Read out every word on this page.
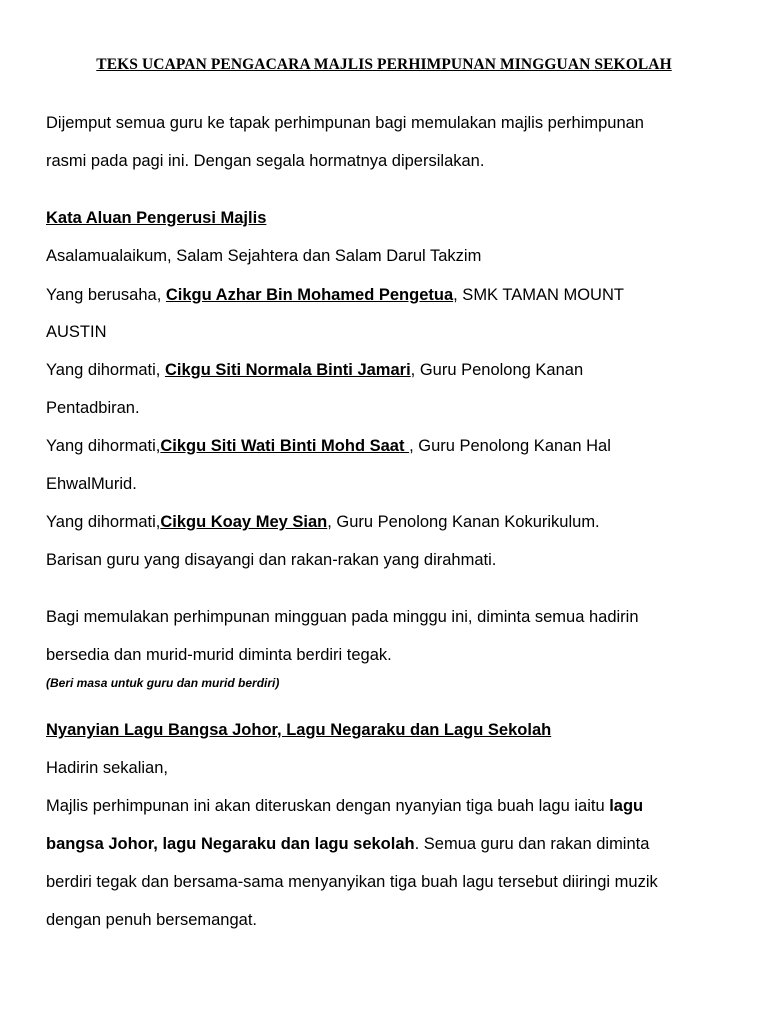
TEKS UCAPAN PENGACARA MAJLIS PERHIMPUNAN MINGGUAN SEKOLAH
Dijemput semua guru ke tapak perhimpunan bagi memulakan majlis perhimpunan
rasmi pada pagi ini. Dengan segala hormatnya dipersilakan.
Kata Aluan Pengerusi Majlis
Asalamualaikum, Salam Sejahtera dan Salam Darul Takzim
Yang berusaha, Cikgu Azhar Bin Mohamed Pengetua, SMK TAMAN MOUNT
AUSTIN
Yang dihormati, Cikgu Siti Normala Binti Jamari, Guru Penolong Kanan
Pentadbiran.
Yang dihormati,Cikgu Siti Wati Binti Mohd Saat , Guru Penolong Kanan Hal
EhwalMurid.
Yang dihormati,Cikgu Koay Mey Sian, Guru Penolong Kanan Kokurikulum.
Barisan guru yang disayangi dan rakan-rakan yang dirahmati.
Bagi memulakan perhimpunan mingguan pada minggu ini, diminta semua hadirin
bersedia dan murid-murid diminta berdiri tegak.
(Beri masa untuk guru dan murid berdiri)
Nyanyian Lagu Bangsa Johor, Lagu Negaraku dan Lagu Sekolah
Hadirin sekalian,
Majlis perhimpunan ini akan diteruskan dengan nyanyian tiga buah lagu iaitu lagu
bangsa Johor, lagu Negaraku dan lagu sekolah. Semua guru dan rakan diminta
berdiri tegak dan bersama-sama menyanyikan tiga buah lagu tersebut diiringi muzik
dengan penuh bersemangat.
